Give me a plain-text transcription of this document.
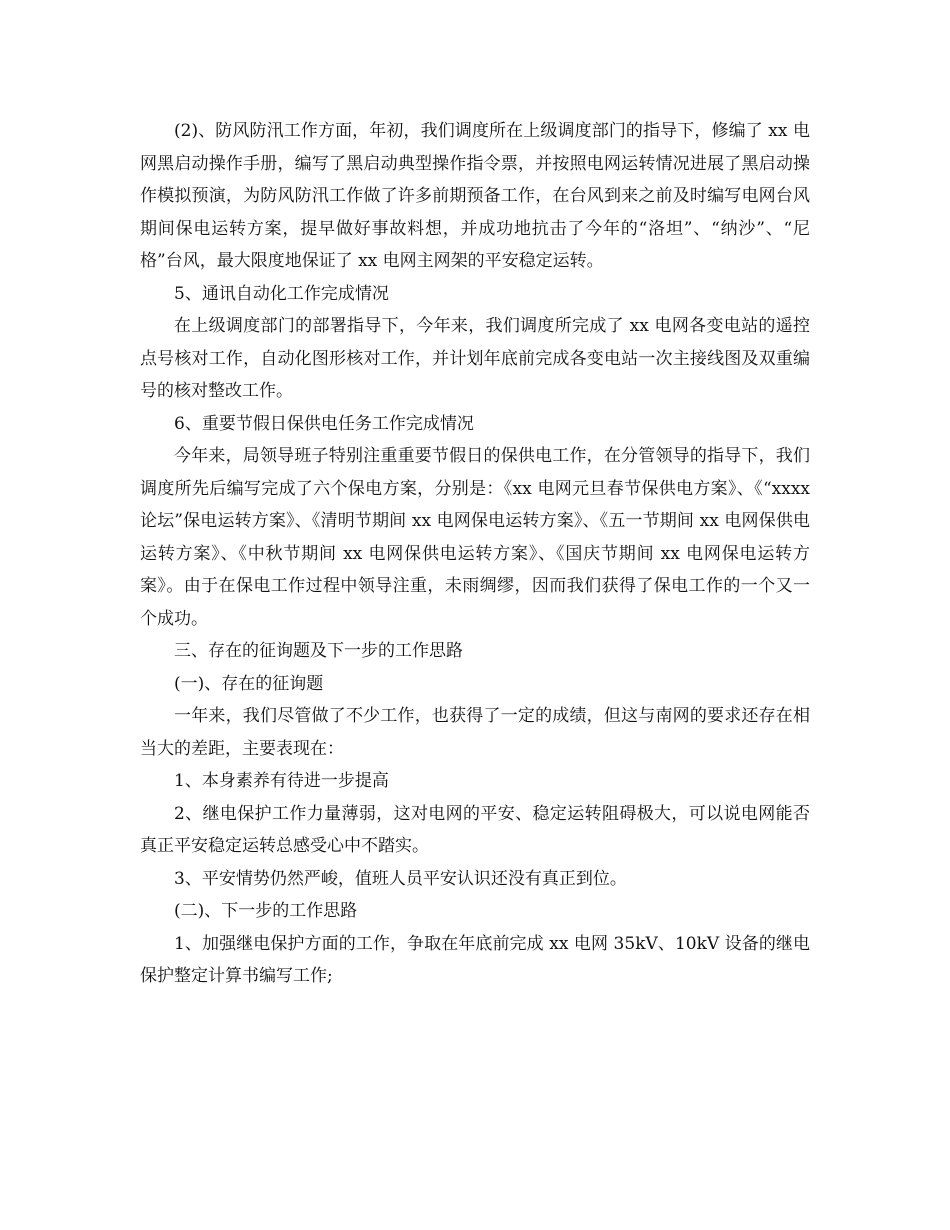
(2)、防风防汛工作方面，年初，我们调度所在上级调度部门的指导下，修编了 xx 电网黑启动操作手册，编写了黑启动典型操作指令票，并按照电网运转情况进展了黑启动操作模拟预演，为防风防汛工作做了许多前期预备工作，在台风到来之前及时编写电网台风期间保电运转方案，提早做好事故料想，并成功地抗击了今年的“洛坦”、“纳沙”、“尼格”台风，最大限度地保证了 xx 电网主网架的平安稳定运转。

5、通讯自动化工作完成情况

在上级调度部门的部署指导下，今年来，我们调度所完成了 xx 电网各变电站的遥控点号核对工作，自动化图形核对工作，并计划年底前完成各变电站一次主接线图及双重编号的核对整改工作。

6、重要节假日保供电任务工作完成情况

今年来，局领导班子特别注重重要节假日的保供电工作，在分管领导的指导下，我们调度所先后编写完成了六个保电方案，分别是：《xx 电网元旦春节保供电方案》、《“xxxx 论坛”保电运转方案》、《清明节期间 xx 电网保电运转方案》、《五一节期间 xx 电网保供电运转方案》、《中秋节期间 xx 电网保供电运转方案》、《国庆节期间 xx 电网保电运转方案》。由于在保电工作过程中领导注重，未雨绸缪，因而我们获得了保电工作的一个又一个成功。

三、存在的征询题及下一步的工作思路

(一)、存在的征询题

一年来，我们尽管做了不少工作，也获得了一定的成绩，但这与南网的要求还存在相当大的差距，主要表现在：

1、本身素养有待进一步提高

2、继电保护工作力量薄弱，这对电网的平安、稳定运转阻碍极大，可以说电网能否真正平安稳定运转总感受心中不踏实。

3、平安情势仍然严峻，值班人员平安认识还没有真正到位。

(二)、下一步的工作思路

1、加强继电保护方面的工作，争取在年底前完成 xx 电网 35kV、10kV 设备的继电保护整定计算书编写工作;
